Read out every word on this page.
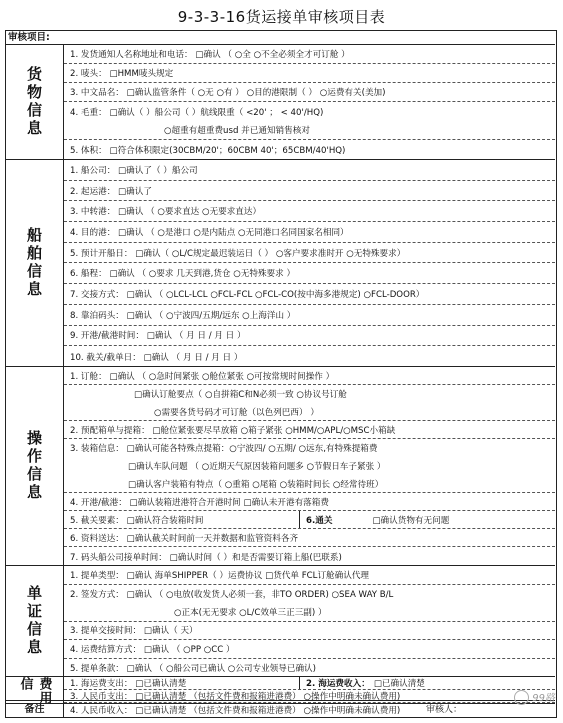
9-3-3-16货运接单审核项目表
审核项目:
货物信息
1. 发货通知人名称地址和电话： □确认 （ ○全 ○不全必须全才可订舱 ）
2. 唛头： □HMM唛头规定
3. 中文品名： □确认监管条件（ ○无 ○有 ） ○目的港限制（ ） ○运费有关(美加)
4. 毛重： □确认（ ）船公司（ ）航线限重（ <20' ； < 40'/HQ)
○超重有超重费usd 并已通知销售核对
5. 体积： □符合体积限定(30CBM/20'；60CBM 40'；65CBM/40'HQ)
船舶信息
1. 船公司： □确认了（ ）船公司
2. 起运港： □确认了
3. 中转港： □确认 （ ○要求直达 ○无要求直达）
4. 目的港： □确认 （ ○是港口 ○是内陆点 ○无同港口名同国家名相同）
5. 预计开船日： □确认（ ○L/C规定最迟装运日（ ） ○客户要求准时开 ○无特殊要求）
6. 船程： □确认 （ ○要求 几天到港,货仓 ○无特殊要求 ）
7. 交接方式： □确认 （ ○LCL-LCL ○FCL-FCL ○FCL-CO(按中海多港规定) ○FCL-DOOR）
8. 靠泊码头： □确认 （ ○宁波四/五期/远东 ○上海洋山 ）
9. 开港/截港时间： □确认 （ 月 日 / 月 日 ）
10. 截关/截单日： □确认 （ 月 日 / 月 日 ）
操作信息
1. 订舱： □确认 （ ○急时间紧张 ○舱位紧张 ○可按常规时间操作 ）
□确认订舱要点（ ○自拼箱C和N必须一致 ○协议号订舱
○需要各货号码才可订舱（以色列巴西） ）
2. 预配箱单与提箱： □舱位紧张要尽早放箱 ○箱子紧张 ○HMM/○APL/○MSC小箱缺
3. 装箱信息： □确认可能各特殊点提箱：○宁波四/ ○五期/ ○远东,有特殊提箱费
□确认车队问题 （ ○近期天气原因装箱问题多 ○节假日车子紧张 ）
□确认客户装箱有特点（ ○重箱 ○尾箱 ○装箱时间长 ○经常待班）
4. 开港/截港： □确认装箱进港符合开港时间 □确认未开港有落箱费
5. 截关要素： □确认符合装箱时间	6.通关	□确认货物有无问题
6. 资料送达： □确认截关时间前一天并数据和监管资料各齐
7. 码头船公司接单时间： □确认时间（ ）和是否需要订箱上船(巴联系)
单证信息
1. 提单类型： □确认 海单SHIPPER（ ）运费协议 □货代单 FCL订舱确认代理
2. 签发方式： □确认 （ ○电放(收发货人必须一套，非TO ORDER) ○SEA WAY B/L
○正本(无无要求 ○L/C效单三正三副) ）
3. 提单交接时间： □确认（ 天）
4. 运费结算方式： □确认 （ ○PP ○CC ）
5. 提单条款： □确认 （ ○船公司已确认 ○公司专业领导已确认)
费用信	1. 海运费支出： □已确认清楚	2. 海运费收入： □已确认清楚
3. 人民币支出： □已确认清楚 （包括文件费和报箱进港费） ○操作中明确未确认费用)
4. 人民币收入： □已确认清楚 （包括文件费和报箱进港费） ○操作中明确未确认费用)
备注	审核人：
99路
